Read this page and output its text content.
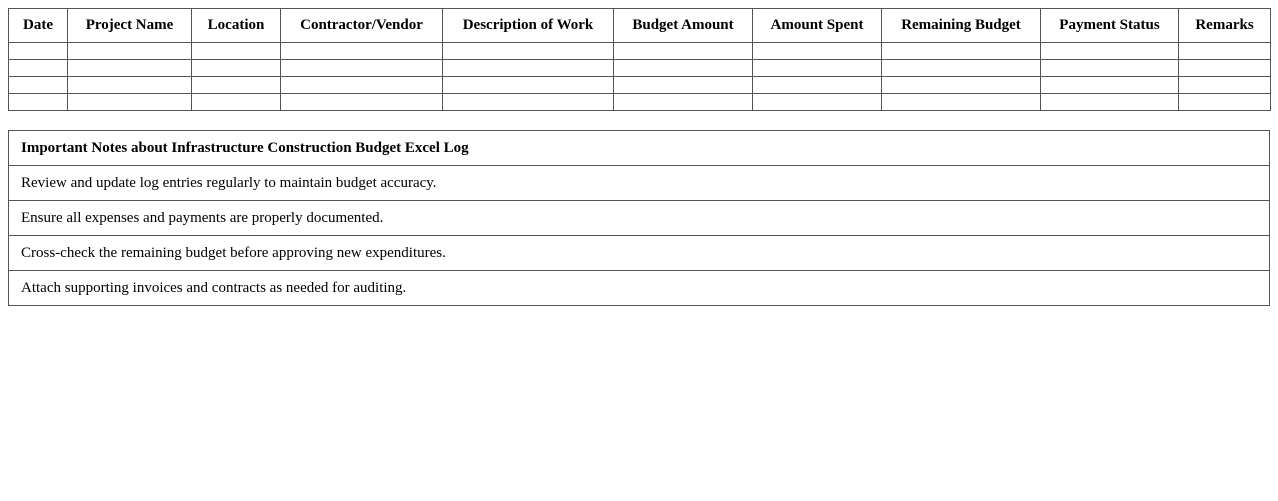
Date	Project Name	Location	Contractor/Vendor	Description of Work	Budget Amount	Amount Spent	Remaining Budget	Payment Status	Remarks

Important Notes about Infrastructure Construction Budget Excel Log
Review and update log entries regularly to maintain budget accuracy.
Ensure all expenses and payments are properly documented.
Cross-check the remaining budget before approving new expenditures.
Attach supporting invoices and contracts as needed for auditing.
